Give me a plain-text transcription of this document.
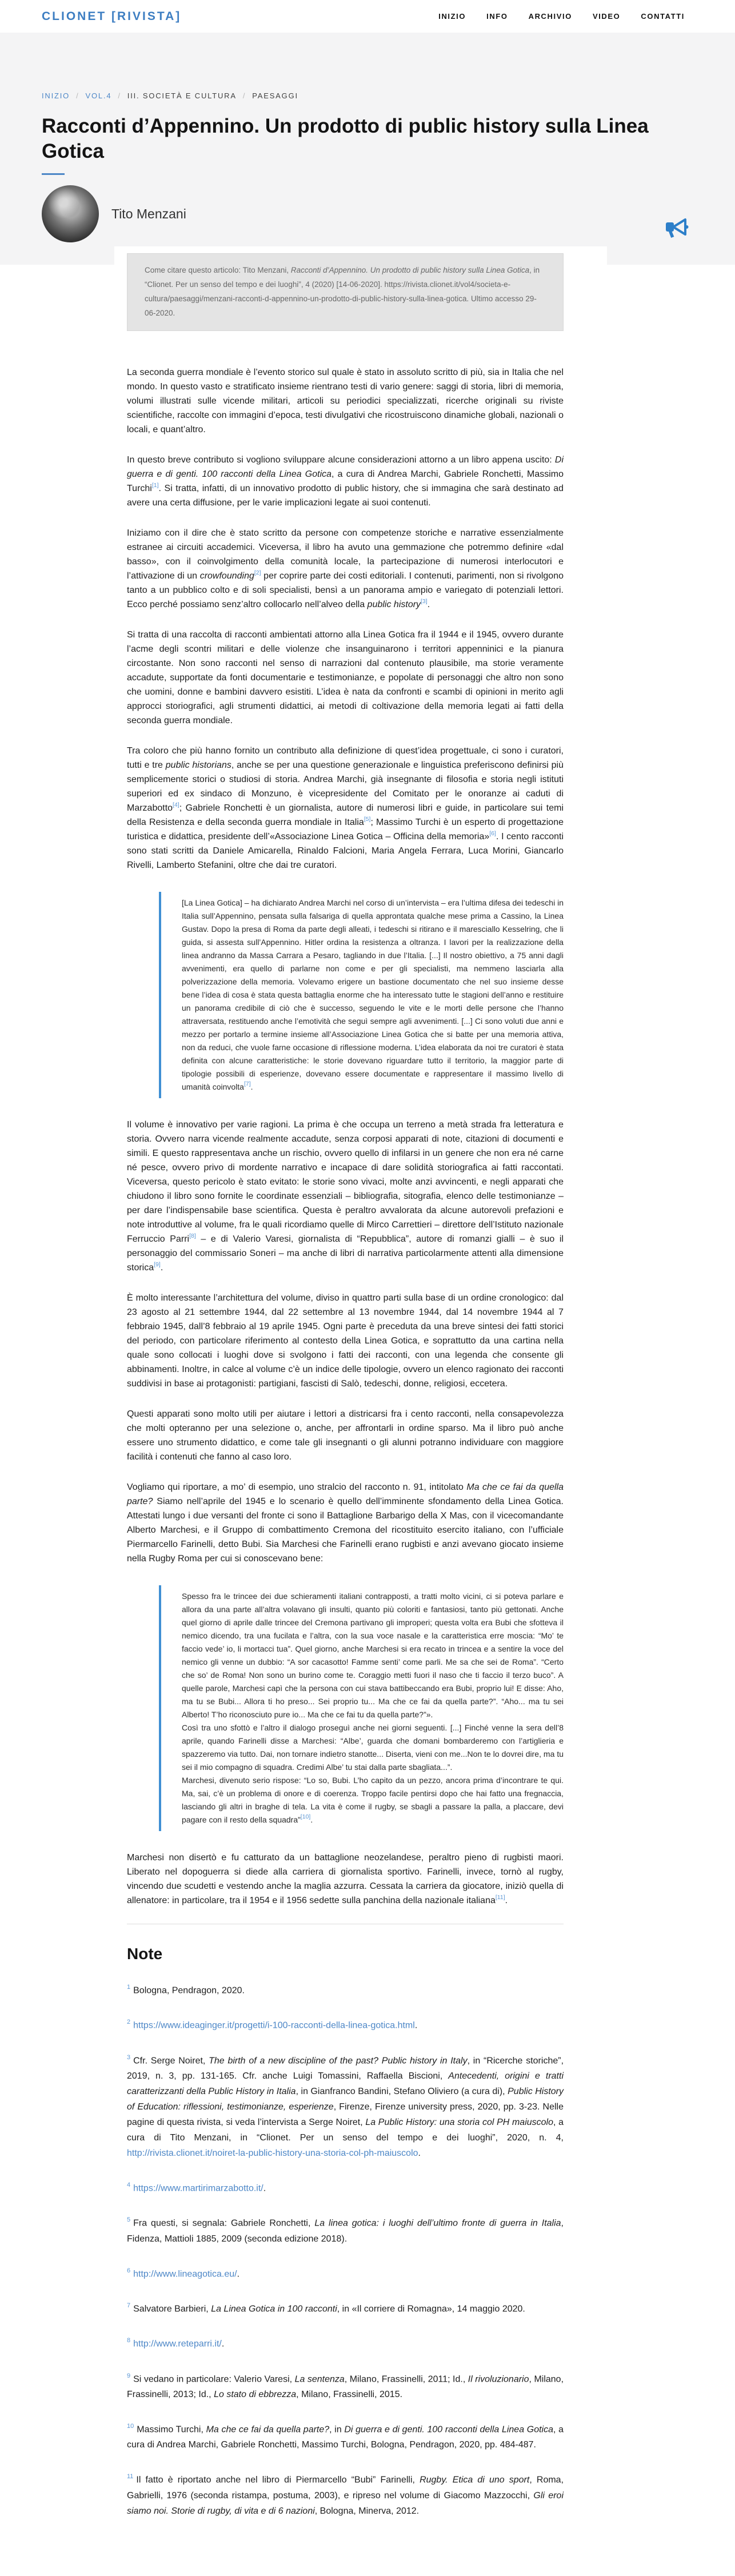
CLIONET [RIVISTA]	INIZIO	INFO	ARCHIVIO	VIDEO	CONTATTI
INIZIO / VOL.4 / III. SOCIETÀ E CULTURA / PAESAGGI
Racconti d’Appennino. Un prodotto di public history sulla Linea Gotica
Tito Menzani
Come citare questo articolo: Tito Menzani, Racconti d’Appennino. Un prodotto di public history sulla Linea Gotica, in “Clionet. Per un senso del tempo e dei luoghi”, 4 (2020) [14-06-2020]. https://rivista.clionet.it/vol4/societa-e-cultura/paesaggi/menzani-racconti-d-appennino-un-prodotto-di-public-history-sulla-linea-gotica. Ultimo accesso 29-06-2020.

La seconda guerra mondiale è l’evento storico sul quale è stato in assoluto scritto di più, sia in Italia che nel mondo. In questo vasto e stratificato insieme rientrano testi di vario genere: saggi di storia, libri di memoria, volumi illustrati sulle vicende militari, articoli su periodici specializzati, ricerche originali su riviste scientifiche, raccolte con immagini d’epoca, testi divulgativi che ricostruiscono dinamiche globali, nazionali o locali, e quant’altro.

In questo breve contributo si vogliono sviluppare alcune considerazioni attorno a un libro appena uscito: Di guerra e di genti. 100 racconti della Linea Gotica, a cura di Andrea Marchi, Gabriele Ronchetti, Massimo Turchi[1]. Si tratta, infatti, di un innovativo prodotto di public history, che si immagina che sarà destinato ad avere una certa diffusione, per le varie implicazioni legate ai suoi contenuti.

Iniziamo con il dire che è stato scritto da persone con competenze storiche e narrative essenzialmente estranee ai circuiti accademici. Viceversa, il libro ha avuto una gemmazione che potremmo definire «dal basso», con il coinvolgimento della comunità locale, la partecipazione di numerosi interlocutori e l’attivazione di un crowfounding[2] per coprire parte dei costi editoriali. I contenuti, parimenti, non si rivolgono tanto a un pubblico colto e di soli specialisti, bensì a un panorama ampio e variegato di potenziali lettori. Ecco perché possiamo senz’altro collocarlo nell’alveo della public history[3].

Si tratta di una raccolta di racconti ambientati attorno alla Linea Gotica fra il 1944 e il 1945, ovvero durante l’acme degli scontri militari e delle violenze che insanguinarono i territori appenninici e la pianura circostante. Non sono racconti nel senso di narrazioni dal contenuto plausibile, ma storie veramente accadute, supportate da fonti documentarie e testimonianze, e popolate di personaggi che altro non sono che uomini, donne e bambini davvero esistiti. L’idea è nata da confronti e scambi di opinioni in merito agli approcci storiografici, agli strumenti didattici, ai metodi di coltivazione della memoria legati ai fatti della seconda guerra mondiale.

Tra coloro che più hanno fornito un contributo alla definizione di quest’idea progettuale, ci sono i curatori, tutti e tre public historians, anche se per una questione generazionale e linguistica preferiscono definirsi più semplicemente storici o studiosi di storia. Andrea Marchi, già insegnante di filosofia e storia negli istituti superiori ed ex sindaco di Monzuno, è vicepresidente del Comitato per le onoranze ai caduti di Marzabotto[4]; Gabriele Ronchetti è un giornalista, autore di numerosi libri e guide, in particolare sui temi della Resistenza e della seconda guerra mondiale in Italia[5]; Massimo Turchi è un esperto di progettazione turistica e didattica, presidente dell’«Associazione Linea Gotica – Officina della memoria»[6]. I cento racconti sono stati scritti da Daniele Amicarella, Rinaldo Falcioni, Maria Angela Ferrara, Luca Morini, Giancarlo Rivelli, Lamberto Stefanini, oltre che dai tre curatori.

[La Linea Gotica] – ha dichiarato Andrea Marchi nel corso di un’intervista – era l’ultima difesa dei tedeschi in Italia sull’Appennino, pensata sulla falsariga di quella approntata qualche mese prima a Cassino, la Linea Gustav. Dopo la presa di Roma da parte degli alleati, i tedeschi si ritirano e il maresciallo Kesselring, che li guida, si assesta sull’Appennino. Hitler ordina la resistenza a oltranza. I lavori per la realizzazione della linea andranno da Massa Carrara a Pesaro, tagliando in due l’Italia. [...] Il nostro obiettivo, a 75 anni dagli avvenimenti, era quello di parlarne non come e per gli specialisti, ma nemmeno lasciarla alla polverizzazione della memoria. Volevamo erigere un bastione documentato che nel suo insieme desse bene l’idea di cosa è stata questa battaglia enorme che ha interessato tutte le stagioni dell’anno e restituire un panorama credibile di ciò che è successo, seguendo le vite e le morti delle persone che l’hanno attraversata, restituendo anche l’emotività che seguì sempre agli avvenimenti. [...] Ci sono voluti due anni e mezzo per portarlo a termine insieme all’Associazione Linea Gotica che si batte per una memoria attiva, non da reduci, che vuole farne occasione di riflessione moderna. L’idea elaborata da noi tre curatori è stata definita con alcune caratteristiche: le storie dovevano riguardare tutto il territorio, la maggior parte di tipologie possibili di esperienze, dovevano essere documentate e rappresentare il massimo livello di umanità coinvolta[7].

Il volume è innovativo per varie ragioni. La prima è che occupa un terreno a metà strada fra letteratura e storia. Ovvero narra vicende realmente accadute, senza corposi apparati di note, citazioni di documenti e simili. E questo rappresentava anche un rischio, ovvero quello di infilarsi in un genere che non era né carne né pesce, ovvero privo di mordente narrativo e incapace di dare solidità storiografica ai fatti raccontati. Viceversa, questo pericolo è stato evitato: le storie sono vivaci, molte anzi avvincenti, e negli apparati che chiudono il libro sono fornite le coordinate essenziali – bibliografia, sitografia, elenco delle testimonianze – per dare l’indispensabile base scientifica. Questa è peraltro avvalorata da alcune autorevoli prefazioni e note introduttive al volume, fra le quali ricordiamo quelle di Mirco Carrettieri – direttore dell’Istituto nazionale Ferruccio Parri[8] – e di Valerio Varesi, giornalista di “Repubblica”, autore di romanzi gialli – è suo il personaggio del commissario Soneri – ma anche di libri di narrativa particolarmente attenti alla dimensione storica[9].

È molto interessante l’architettura del volume, diviso in quattro parti sulla base di un ordine cronologico: dal 23 agosto al 21 settembre 1944, dal 22 settembre al 13 novembre 1944, dal 14 novembre 1944 al 7 febbraio 1945, dall’8 febbraio al 19 aprile 1945. Ogni parte è preceduta da una breve sintesi dei fatti storici del periodo, con particolare riferimento al contesto della Linea Gotica, e soprattutto da una cartina nella quale sono collocati i luoghi dove si svolgono i fatti dei racconti, con una legenda che consente gli abbinamenti. Inoltre, in calce al volume c’è un indice delle tipologie, ovvero un elenco ragionato dei racconti suddivisi in base ai protagonisti: partigiani, fascisti di Salò, tedeschi, donne, religiosi, eccetera.

Questi apparati sono molto utili per aiutare i lettori a districarsi fra i cento racconti, nella consapevolezza che molti opteranno per una selezione o, anche, per affrontarli in ordine sparso. Ma il libro può anche essere uno strumento didattico, e come tale gli insegnanti o gli alunni potranno individuare con maggiore facilità i contenuti che fanno al caso loro.

Vogliamo qui riportare, a mo’ di esempio, uno stralcio del racconto n. 91, intitolato Ma che ce fai da quella parte? Siamo nell’aprile del 1945 e lo scenario è quello dell’imminente sfondamento della Linea Gotica. Attestati lungo i due versanti del fronte ci sono il Battaglione Barbarigo della X Mas, con il vicecomandante Alberto Marchesi, e il Gruppo di combattimento Cremona del ricostituito esercito italiano, con l’ufficiale Piermarcello Farinelli, detto Bubi. Sia Marchesi che Farinelli erano rugbisti e anzi avevano giocato insieme nella Rugby Roma per cui si conoscevano bene:

Spesso fra le trincee dei due schieramenti italiani contrapposti, a tratti molto vicini, ci si poteva parlare e allora da una parte all’altra volavano gli insulti, quanto più coloriti e fantasiosi, tanto più gettonati. Anche quel giorno di aprile dalle trincee del Cremona partivano gli improperi; questa volta era Bubi che sfotteva il nemico dicendo, tra una fucilata e l’altra, con la sua voce nasale e la caratteristica erre moscia: “Mo’ te faccio vede’ io, li mortacci tua”. Quel giorno, anche Marchesi si era recato in trincea e a sentire la voce del nemico gli venne un dubbio: “A sor cacasotto! Famme senti’ come parli. Me sa che sei de Roma”. “Certo che so’ de Roma! Non sono un burino come te. Coraggio metti fuori il naso che ti faccio il terzo buco”. A quelle parole, Marchesi capì che la persona con cui stava battibeccando era Bubi, proprio lui! E disse: Aho, ma tu se Bubi... Allora ti ho preso... Sei proprio tu... Ma che ce fai da quella parte?”. “Aho... ma tu sei Alberto! T’ho riconosciuto pure io... Ma che ce fai tu da quella parte?”».

Così tra uno sfottò e l’altro il dialogo proseguì anche nei giorni seguenti. [...] Finché venne la sera dell’8 aprile, quando Farinelli disse a Marchesi: “Albe’, guarda che domani bombarderemo con l’artiglieria e spazzeremo via tutto. Dai, non tornare indietro stanotte... Diserta, vieni con me...Non te lo dovrei dire, ma tu sei il mio compagno di squadra. Credimi Albe’ tu stai dalla parte sbagliata...”.

Marchesi, divenuto serio rispose: “Lo so, Bubi. L’ho capito da un pezzo, ancora prima d’incontrare te qui. Ma, sai, c’è un problema di onore e di coerenza. Troppo facile pentirsi dopo che hai fatto una fregnaccia, lasciando gli altri in braghe di tela. La vita è come il rugby, se sbagli a passare la palla, a placcare, devi pagare con il resto della squadra”[10].

Marchesi non disertò e fu catturato da un battaglione neozelandese, peraltro pieno di rugbisti maori. Liberato nel dopoguerra si diede alla carriera di giornalista sportivo. Farinelli, invece, tornò al rugby, vincendo due scudetti e vestendo anche la maglia azzurra. Cessata la carriera da giocatore, iniziò quella di allenatore: in particolare, tra il 1954 e il 1956 sedette sulla panchina della nazionale italiana[11].

Note
$^1$ Bologna, Pendragon, 2020.
$^2$ https://www.ideaginger.it/progetti/i-100-racconti-della-linea-gotica.html.
$^3$ Cfr. Serge Noiret, The birth of a new discipline of the past? Public history in Italy, in “Ricerche storiche”, 2019, n. 3, pp. 131-165. Cfr. anche Luigi Tomassini, Raffaella Biscioni, Antecedenti, origini e tratti caratterizzanti della Public History in Italia, in Gianfranco Bandini, Stefano Oliviero (a cura di), Public History of Education: riflessioni, testimonianze, esperienze, Firenze, Firenze university press, 2020, pp. 3-23. Nelle pagine di questa rivista, si veda l’intervista a Serge Noiret, La Public History: una storia col PH maiuscolo, a cura di Tito Menzani, in “Clionet. Per un senso del tempo e dei luoghi”, 2020, n. 4, http://rivista.clionet.it/noiret-la-public-history-una-storia-col-ph-maiuscolo.
$^4$ https://www.martirimarzabotto.it/.
$^5$ Fra questi, si segnala: Gabriele Ronchetti, La linea gotica: i luoghi dell’ultimo fronte di guerra in Italia, Fidenza, Mattioli 1885, 2009 (seconda edizione 2018).
$^6$ http://www.lineagotica.eu/.
$^7$ Salvatore Barbieri, La Linea Gotica in 100 racconti, in «Il corriere di Romagna», 14 maggio 2020.
$^8$ http://www.reteparri.it/.
$^9$ Si vedano in particolare: Valerio Varesi, La sentenza, Milano, Frassinelli, 2011; Id., Il rivoluzionario, Milano, Frassinelli, 2013; Id., Lo stato di ebbrezza, Milano, Frassinelli, 2015.
$^{10}$ Massimo Turchi, Ma che ce fai da quella parte?, in Di guerra e di genti. 100 racconti della Linea Gotica, a cura di Andrea Marchi, Gabriele Ronchetti, Massimo Turchi, Bologna, Pendragon, 2020, pp. 484-487.
$^{11}$ Il fatto è riportato anche nel libro di Piermarcello “Bubi” Farinelli, Rugby. Etica di uno sport, Roma, Gabrielli, 1976 (seconda ristampa, postuma, 2003), e ripreso nel volume di Giacomo Mazzocchi, Gli eroi siamo noi. Storie di rugby, di vita e di 6 nazioni, Bologna, Minerva, 2012.
